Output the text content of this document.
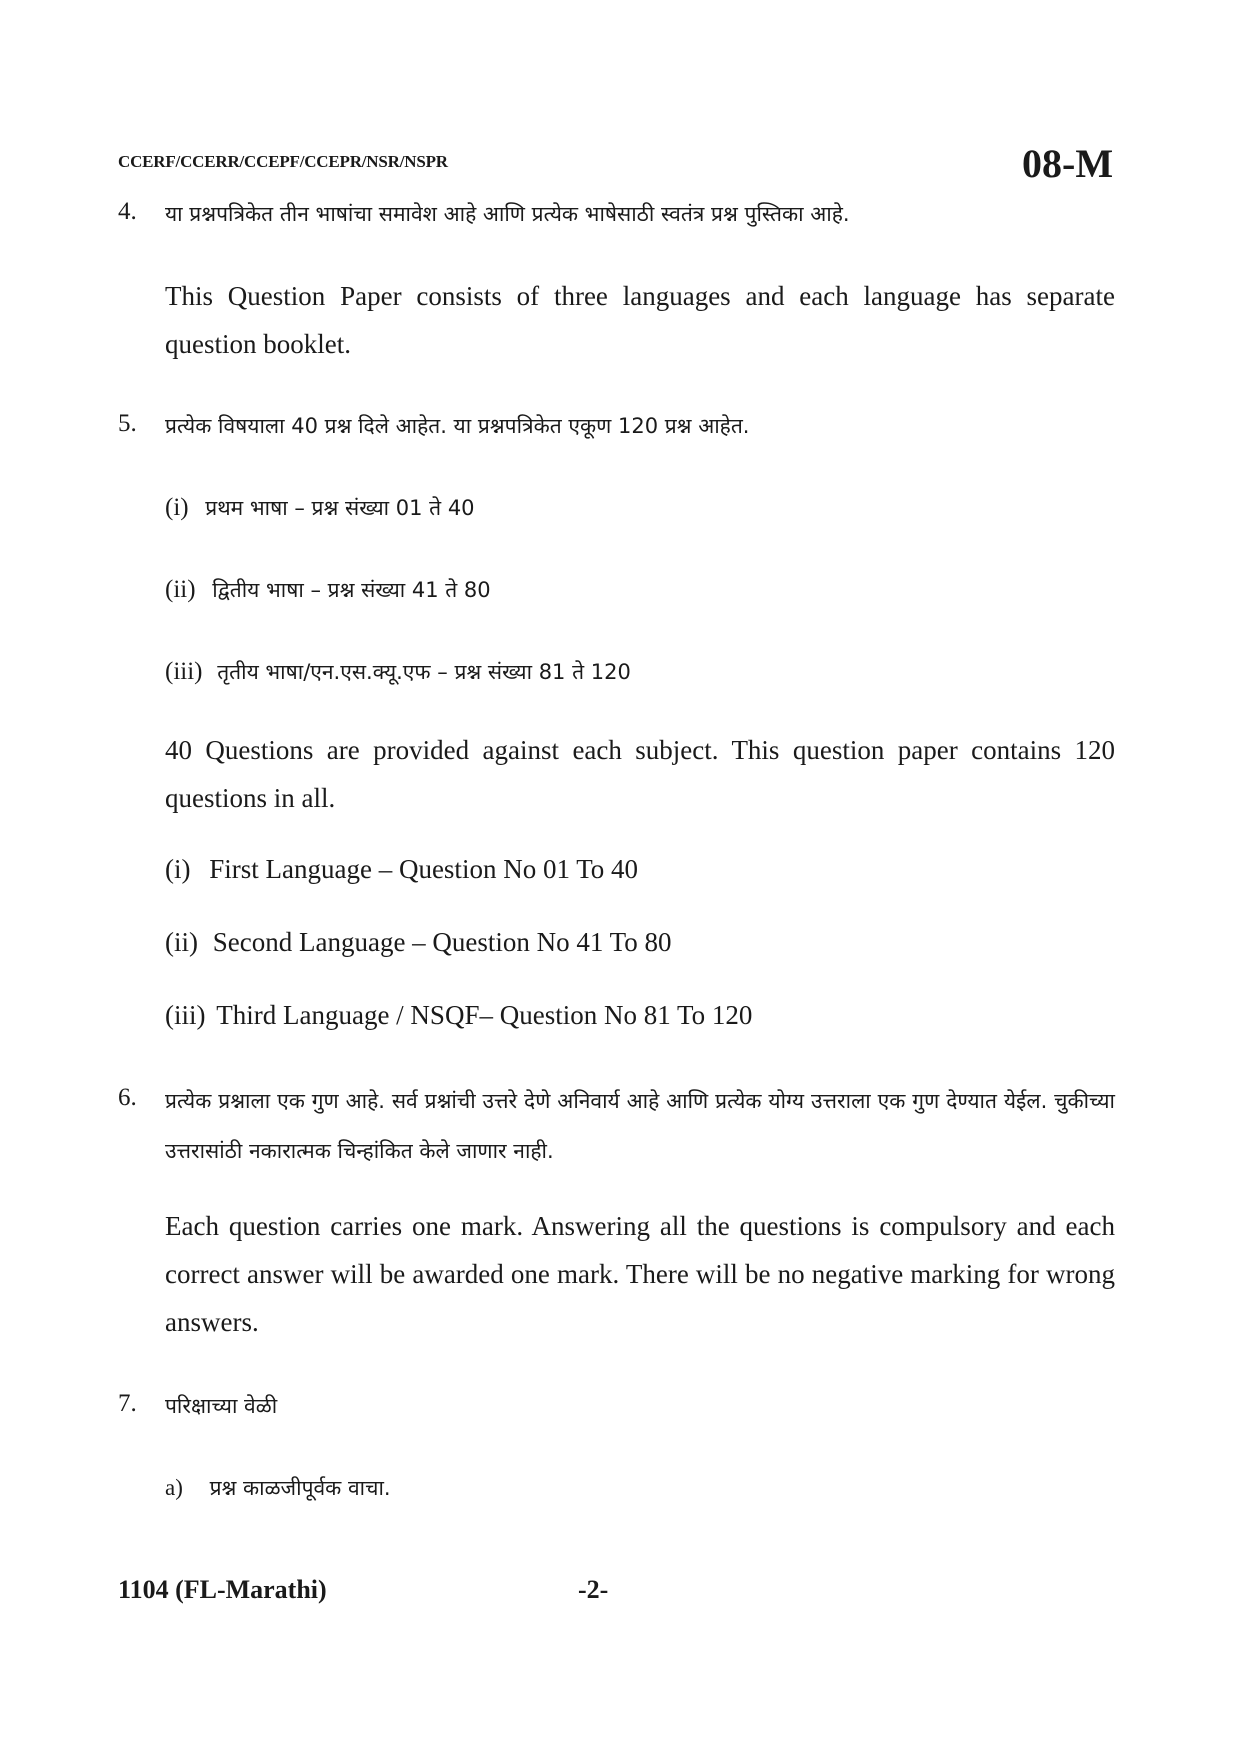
CCERF/CCERR/CCEPF/CCEPR/NSR/NSPR	08-M
4. या प्रश्नपत्रिकेत तीन भाषांचा समावेश आहे आणि प्रत्येक भाषेसाठी स्वतंत्र प्रश्न पुस्तिका आहे.
This Question Paper consists of three languages and each language has separate question booklet.
5. प्रत्येक विषयाला 40 प्रश्न दिले आहेत. या प्रश्नपत्रिकेत एकूण 120 प्रश्न आहेत.
(i) प्रथम भाषा – प्रश्न संख्या 01 ते 40
(ii) द्वितीय भाषा – प्रश्न संख्या 41 ते 80
(iii) तृतीय भाषा/एन.एस.क्यू.एफ – प्रश्न संख्या 81 ते 120
40 Questions are provided against each subject. This question paper contains 120 questions in all.
(i) First Language – Question No 01 To 40
(ii) Second Language – Question No 41 To 80
(iii) Third Language / NSQF– Question No 81 To 120
6. प्रत्येक प्रश्नाला एक गुण आहे. सर्व प्रश्नांची उत्तरे देणे अनिवार्य आहे आणि प्रत्येक योग्य उत्तराला एक गुण देण्यात येईल. चुकीच्या उत्तरासांठी नकारात्मक चिन्हांकित केले जाणार नाही.
Each question carries one mark. Answering all the questions is compulsory and each correct answer will be awarded one mark. There will be no negative marking for wrong answers.
7. परिक्षाच्या वेळी
a) प्रश्न काळजीपूर्वक वाचा.
1104 (FL-Marathi)	-2-
